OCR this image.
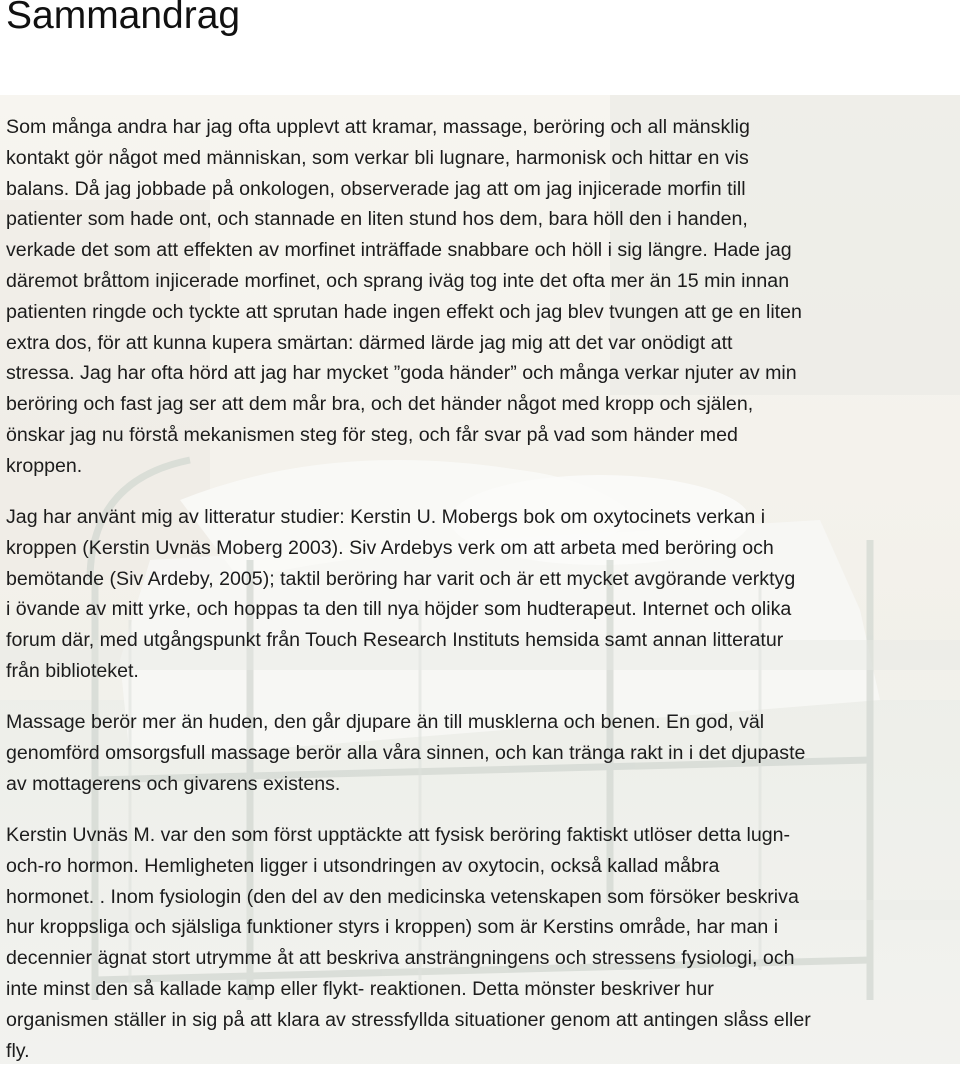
Sammandrag
Som många andra har jag ofta upplevt att kramar, massage, beröring och all mänsklig
kontakt gör något med människan, som verkar bli lugnare, harmonisk och hittar en vis
balans. Då jag jobbade på onkologen, observerade jag att om jag injicerade morfin till
patienter som hade ont, och stannade en liten stund hos dem, bara höll den i handen,
verkade det som att effekten av morfinet inträffade snabbare och höll i sig längre. Hade jag
däremot bråttom injicerade morfinet, och sprang iväg tog inte det ofta mer än 15 min innan
patienten ringde och tyckte att sprutan hade ingen effekt och jag blev tvungen att ge en liten
extra dos, för att kunna kupera smärtan: därmed lärde jag mig att det var onödigt att
stressa. Jag har ofta hörd att jag har mycket ”goda händer” och många verkar njuter av min
beröring och fast jag ser att dem mår bra, och det händer något med kropp och själen,
önskar jag nu förstå mekanismen steg för steg, och får svar på vad som händer med
kroppen.
Jag har använt mig av litteratur studier: Kerstin U. Mobergs bok om oxytocinets verkan i
kroppen (Kerstin Uvnäs Moberg 2003). Siv Ardebys verk om att arbeta med beröring och
bemötande (Siv Ardeby, 2005); taktil beröring har varit och är ett mycket avgörande verktyg
i övande av mitt yrke, och hoppas ta den till nya höjder som hudterapeut. Internet och olika
forum där, med utgångspunkt från Touch Research Instituts hemsida samt annan litteratur
från biblioteket.
Massage berör mer än huden, den går djupare än till musklerna och benen. En god, väl
genomförd omsorgsfull massage berör alla våra sinnen, och kan tränga rakt in i det djupaste
av mottagerens och givarens existens.
Kerstin Uvnäs M. var den som först upptäckte att fysisk beröring faktiskt utlöser detta lugn-
och-ro hormon. Hemligheten ligger i utsondringen av oxytocin, också kallad måbra
hormonet. . Inom fysiologin (den del av den medicinska vetenskapen som försöker beskriva
hur kroppsliga och själsliga funktioner styrs i kroppen) som är Kerstins område, har man i
decennier ägnat stort utrymme åt att beskriva ansträngningens och stressens fysiologi, och
inte minst den så kallade kamp eller flykt- reaktionen. Detta mönster beskriver hur
organismen ställer in sig på att klara av stressfyllda situationer genom att antingen slåss eller
fly.
